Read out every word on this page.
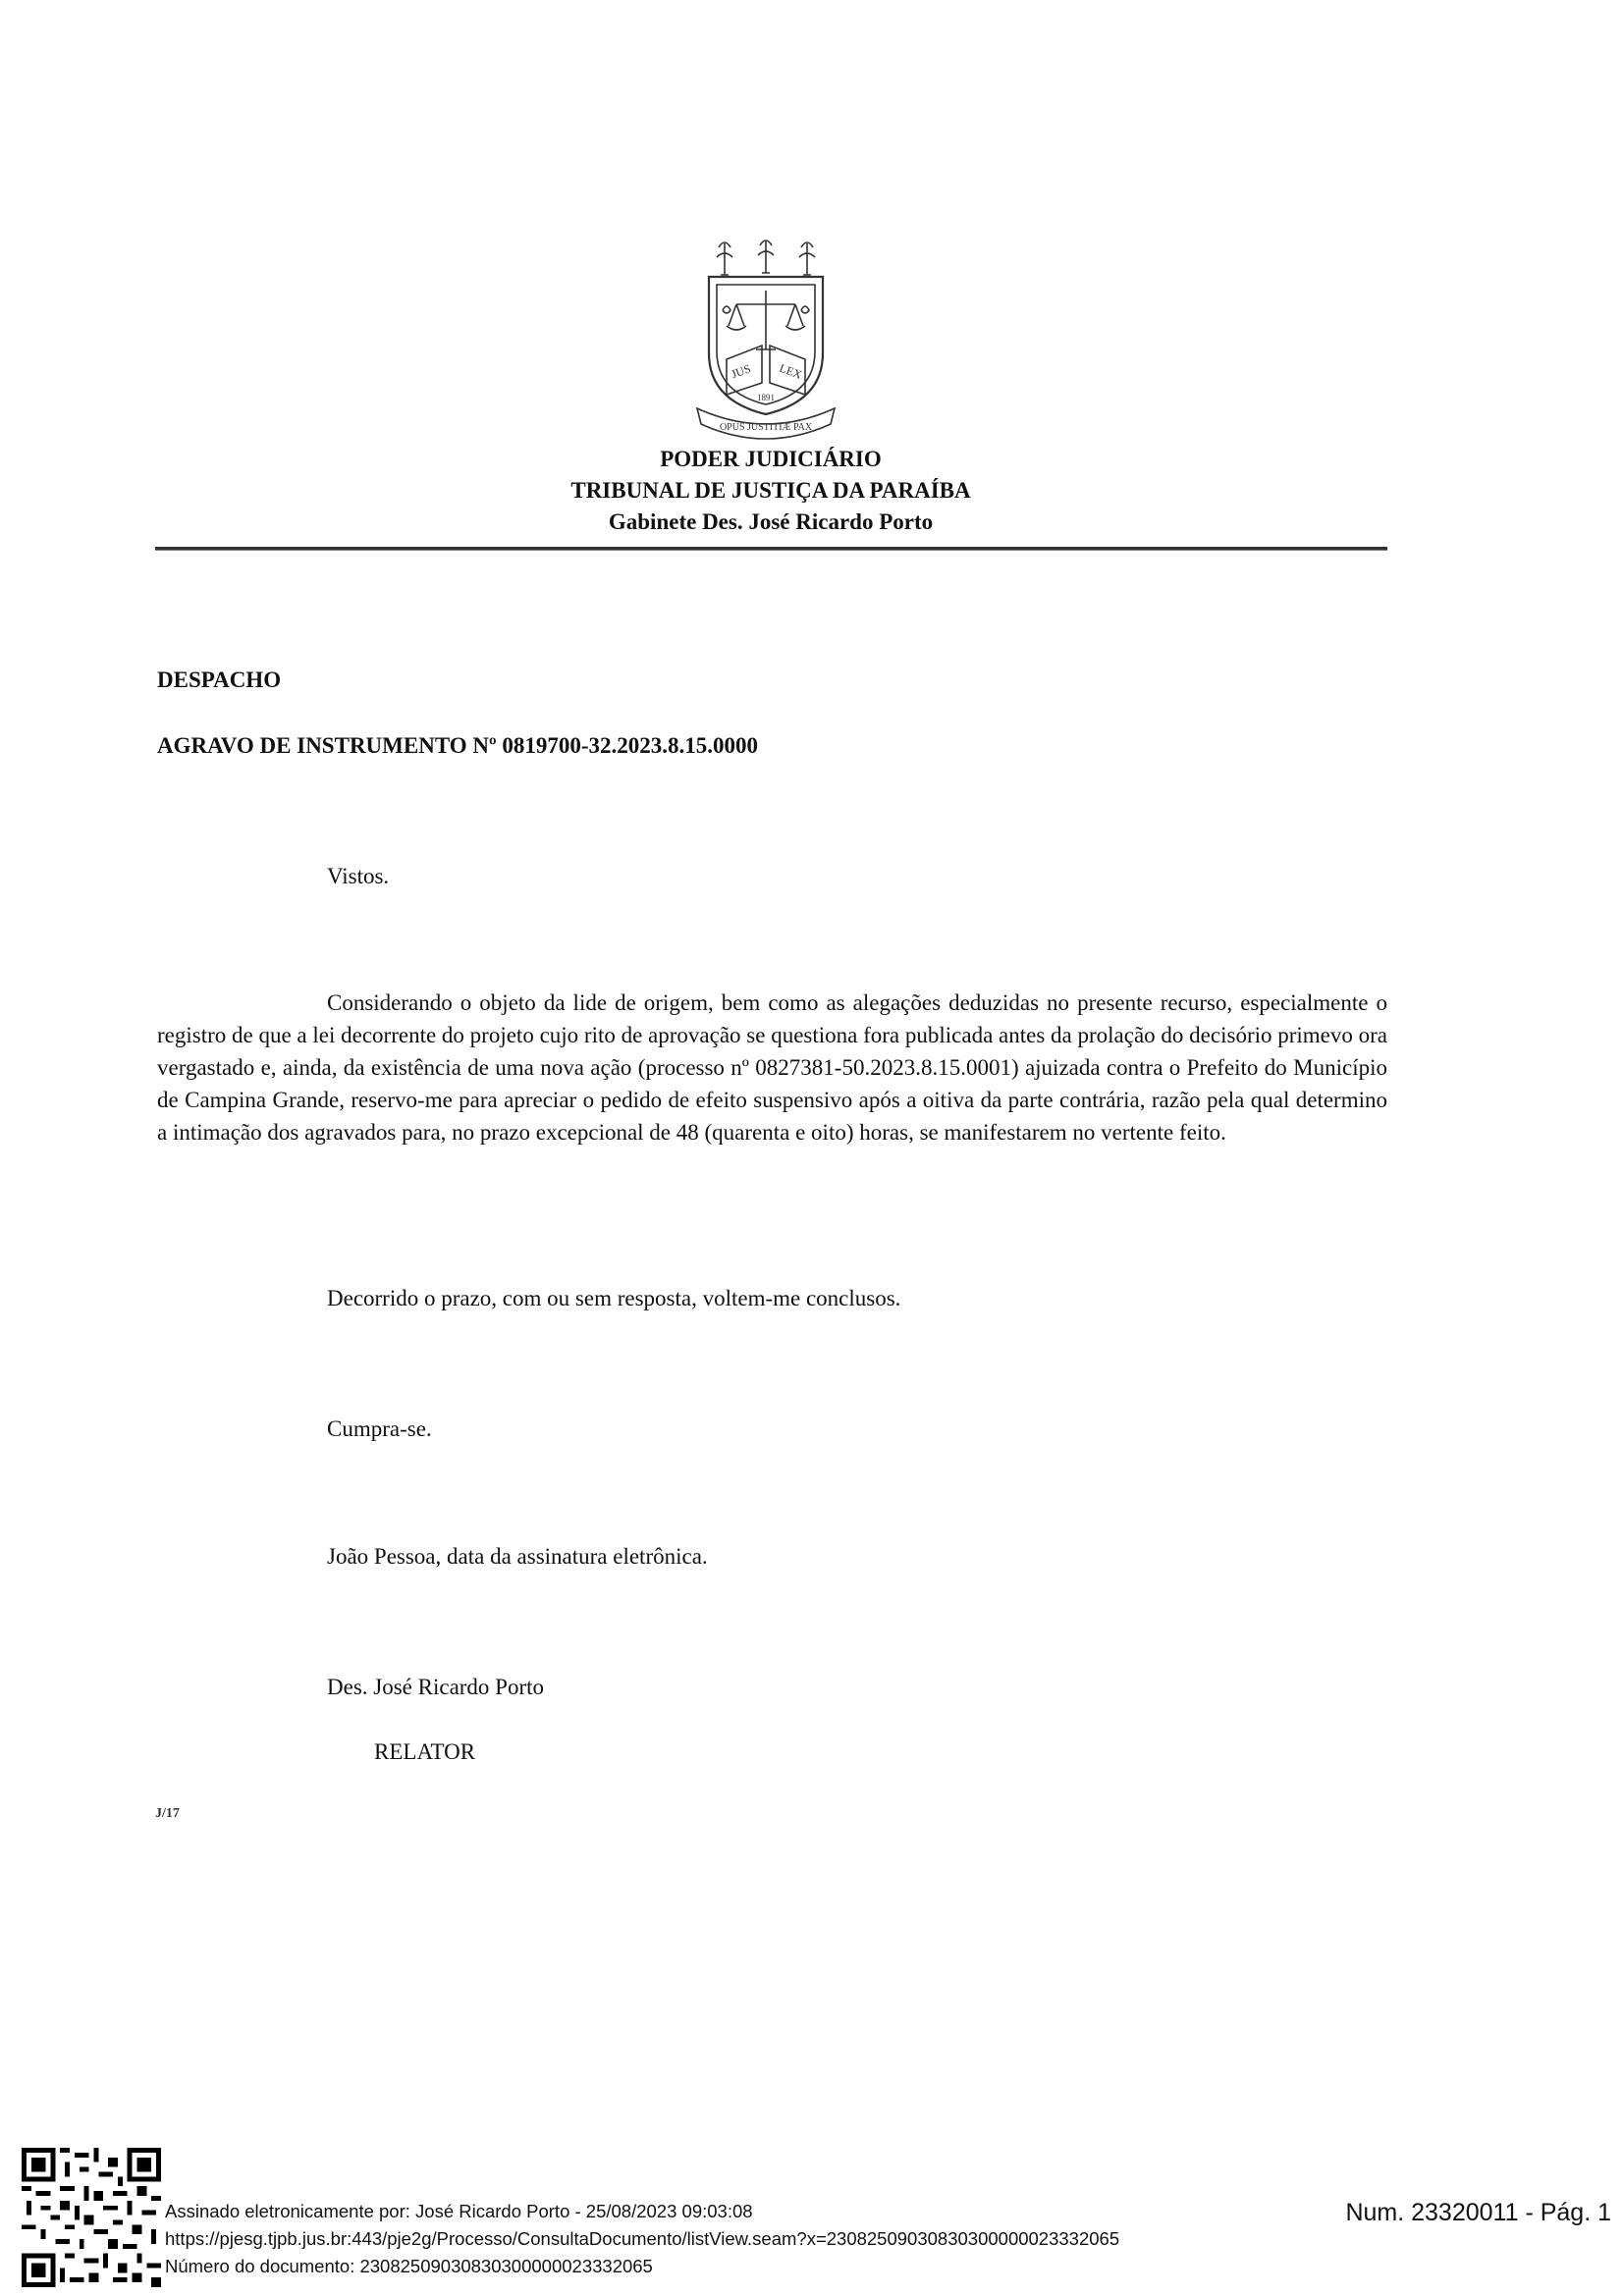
JUS LEX
1891
OPUS JUSTITIÆ PAX
PODER JUDICIÁRIO
TRIBUNAL DE JUSTIÇA DA PARAÍBA
Gabinete Des. José Ricardo Porto
DESPACHO
AGRAVO DE INSTRUMENTO Nº 0819700-32.2023.8.15.0000
Vistos.
Considerando o objeto da lide de origem, bem como as alegações deduzidas no presente recurso, especialmente o registro de que a lei decorrente do projeto cujo rito de aprovação se questiona fora publicada antes da prolação do decisório primevo ora vergastado e, ainda, da existência de uma nova ação (processo nº 0827381-50.2023.8.15.0001) ajuizada contra o Prefeito do Município de Campina Grande, reservo-me para apreciar o pedido de efeito suspensivo após a oitiva da parte contrária, razão pela qual determino a intimação dos agravados para, no prazo excepcional de 48 (quarenta e oito) horas, se manifestarem no vertente feito.
Decorrido o prazo, com ou sem resposta, voltem-me conclusos.
Cumpra-se.
João Pessoa, data da assinatura eletrônica.
Des. José Ricardo Porto
RELATOR
J/17
Assinado eletronicamente por: José Ricardo Porto - 25/08/2023 09:03:08
https://pjesg.tjpb.jus.br:443/pje2g/Processo/ConsultaDocumento/listView.seam?x=23082509030830300000023332065
Número do documento: 23082509030830300000023332065
Num. 23320011 - Pág. 1
